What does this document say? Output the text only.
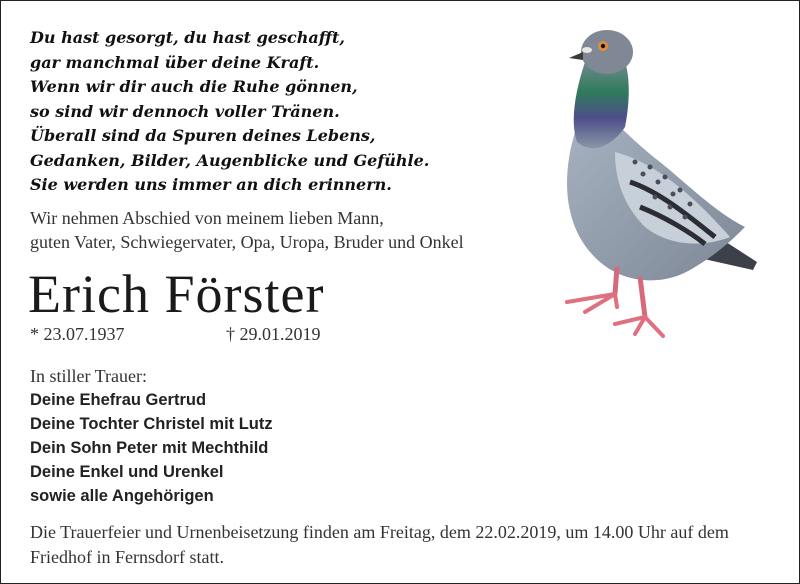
Du hast gesorgt, du hast geschafft,
gar manchmal über deine Kraft.
Wenn wir dir auch die Ruhe gönnen,
so sind wir dennoch voller Tränen.
Überall sind da Spuren deines Lebens,
Gedanken, Bilder, Augenblicke und Gefühle.
Sie werden uns immer an dich erinnern.
Wir nehmen Abschied von meinem lieben Mann,
guten Vater, Schwiegervater, Opa, Uropa, Bruder und Onkel
Erich Förster
* 23.07.1937	† 29.01.2019
In stiller Trauer:
Deine Ehefrau Gertrud
Deine Tochter Christel mit Lutz
Dein Sohn Peter mit Mechthild
Deine Enkel und Urenkel
sowie alle Angehörigen
Die Trauerfeier und Urnenbeisetzung finden am Freitag, dem 22.02.2019, um 14.00 Uhr auf dem Friedhof in Fernsdorf statt.
